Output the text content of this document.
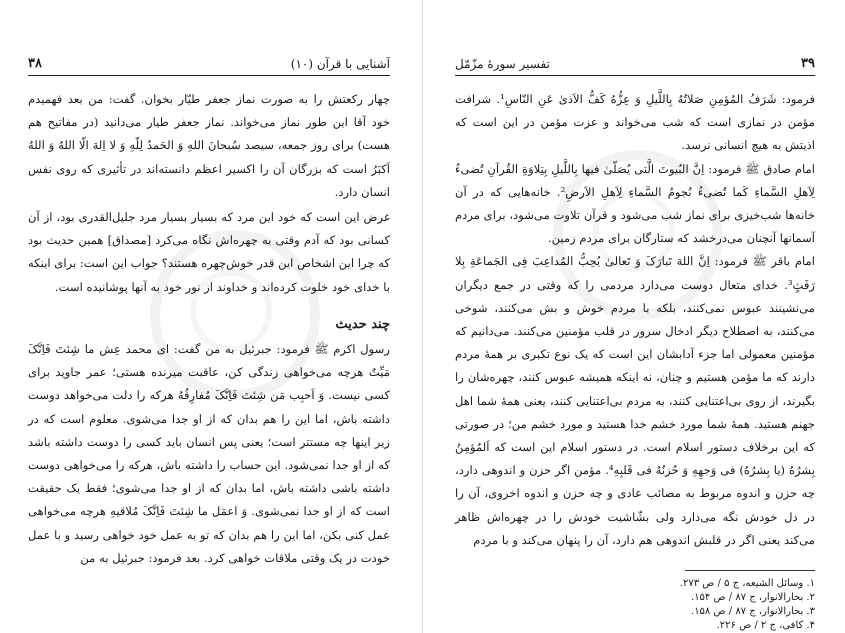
۳۸	آشنایی با قرآن (۱۰)

چهار رکعتش را به صورت نماز جعفر طیّار بخوان. گفت: من بعد فهمیدم خود آقا این طور نماز می‌خواند. نماز جعفر طیار می‌دانید (در مفاتیح هم هست) برای روز جمعه، سیصد سُبحانَ اللهِ وَ الحَمدُ لِلّهِ وَ لا اِلهَ الّا اللهُ وَ اللهُ اَکبَرُ است که بزرگان آن را اکسیر اعظم دانسته‌اند در تأثیری که روی نفس انسان دارد.

غرض این است که خود این مرد که بسیار بسیار مرد جلیل‌القدری بود، از آن کسانی بود که آدم وقتی به چهره‌اش نگاه می‌کرد [مصداق] همین حدیث بود که چرا این اشخاص این قدر خوش‌چهره هستند؟ جواب این است: برای اینکه با خدای خود خلوت کرده‌اند و خداوند از نور خود به آنها پوشانیده است.

چند حدیث

رسول اکرم ﷺ فرمود: جبرئیل به من گفت: ای محمد عِش ما شِئتَ فَاِنَّکَ مَیِّتٌ هرچه می‌خواهی زندگی کن، عاقبت میرنده هستی؛ عمر جاوید برای کسی نیست. وَ اَحبِب مَن شِئتَ فَاِنَّکَ مُفارِقُهُ هرکه را دلت می‌خواهد دوست داشته باش، اما این را هم بدان که از او جدا می‌شوی. معلوم است که در زیر اینها چه مستتر است؛ یعنی پس انسان باید کسی را دوست داشته باشد که از او جدا نمی‌شود. این حساب را داشته باش، هرکه را می‌خواهی دوست داشته باشی داشته باش، اما بدان که از او جدا می‌شوی؛ فقط یک حقیقت است که از او جدا نمی‌شوی. وَ اعمَل ما شِئتَ فَاِنَّکَ مُلاقیهِ هرچه می‌خواهی عمل کنی بکن، اما این را هم بدان که تو به عمل خود خواهی رسید و با عمل خودت در یک وقتی ملاقات خواهی کرد. بعد فرمود: جبرئیل به من

تفسیر سورهٔ مزّمّل	۳۹

فرمود: شَرَفُ المُؤمِنِ صَلاتُهُ بِاللَّیلِ وَ عِزُّهُ کَفُّ الاَذیٰ عَنِ النّاسِ¹. شرافت مؤمن در نمازی است که شب می‌خواند و عزت مؤمن در این است که اذیتش به هیچ انسانی نرسد.

امام صادق ﷺ فرمود: اِنَّ البُیوتَ الَّتی یُصَلّیٰ فیها بِاللَّیلِ بِتِلاوَةِ القُرآنِ تُضیءُ لِاَهلِ السَّماءِ کَما تُضیءُ نُجومُ السَّماءِ لِاَهلِ الاَرضِ². خانه‌هایی که در آن خانه‌ها شب‌خیزی برای نماز شب می‌شود و قرآن تلاوت می‌شود، برای مردم آسمانها آنچنان می‌درخشد که ستارگان برای مردم زمین.

امام باقر ﷺ فرمود: اِنَّ اللهَ تَبارَکَ وَ تَعالیٰ یُحِبُّ المُداعِبَ فِی الجَماعَةِ بِلا رَفَثٍ³. خدای متعال دوست می‌دارد مردمی را که وقتی در جمع دیگران می‌نشینند عبوس نمی‌کنند، بلکه با مردم خوش و بش می‌کنند، شوخی می‌کنند، به اصطلاح دیگر ادخال سرور در قلب مؤمنین می‌کنند. می‌دانیم که مؤمنین معمولی اما جزء آدابشان این است که یک نوع تکبری بر همهٔ مردم دارند که ما مؤمن هستیم و چنان، نه اینکه همیشه عبوس کنند، چهره‌شان را بگیرند، از روی بی‌اعتنایی کنند، به مردم بی‌اعتنایی کنند، یعنی همهٔ شما اهل جهنم هستید. همهٔ شما مورد خشم خدا هستید و مورد خشم من؛ در صورتی که این برخلاف دستور اسلام است. در دستور اسلام این است که اَلمُؤمِنُ بِشرُهُ (یا بِشرُهُ) فی وَجهِهِ وَ حُزنُهُ فی قَلبِهِ⁴. مؤمن اگر حزن و اندوهی دارد، چه حزن و اندوه مربوط به مصائب عادی و چه حزن و اندوه اخروی، آن را در دل خودش نگه می‌دارد ولی بشّاشیت خودش را در چهره‌اش ظاهر می‌کند یعنی اگر در قلبش اندوهی هم دارد، آن را پنهان می‌کند و با مردم

۱. وسائل الشیعه، ج ۵ / ص ۲۷۳.
۲. بحارالانوار، ج ۸۷ / ص ۱۵۴.
۳. بحارالانوار، ج ۸۷ / ص ۱۵۸.
۴. کافی، ج ۲ / ص ۲۲۶.
